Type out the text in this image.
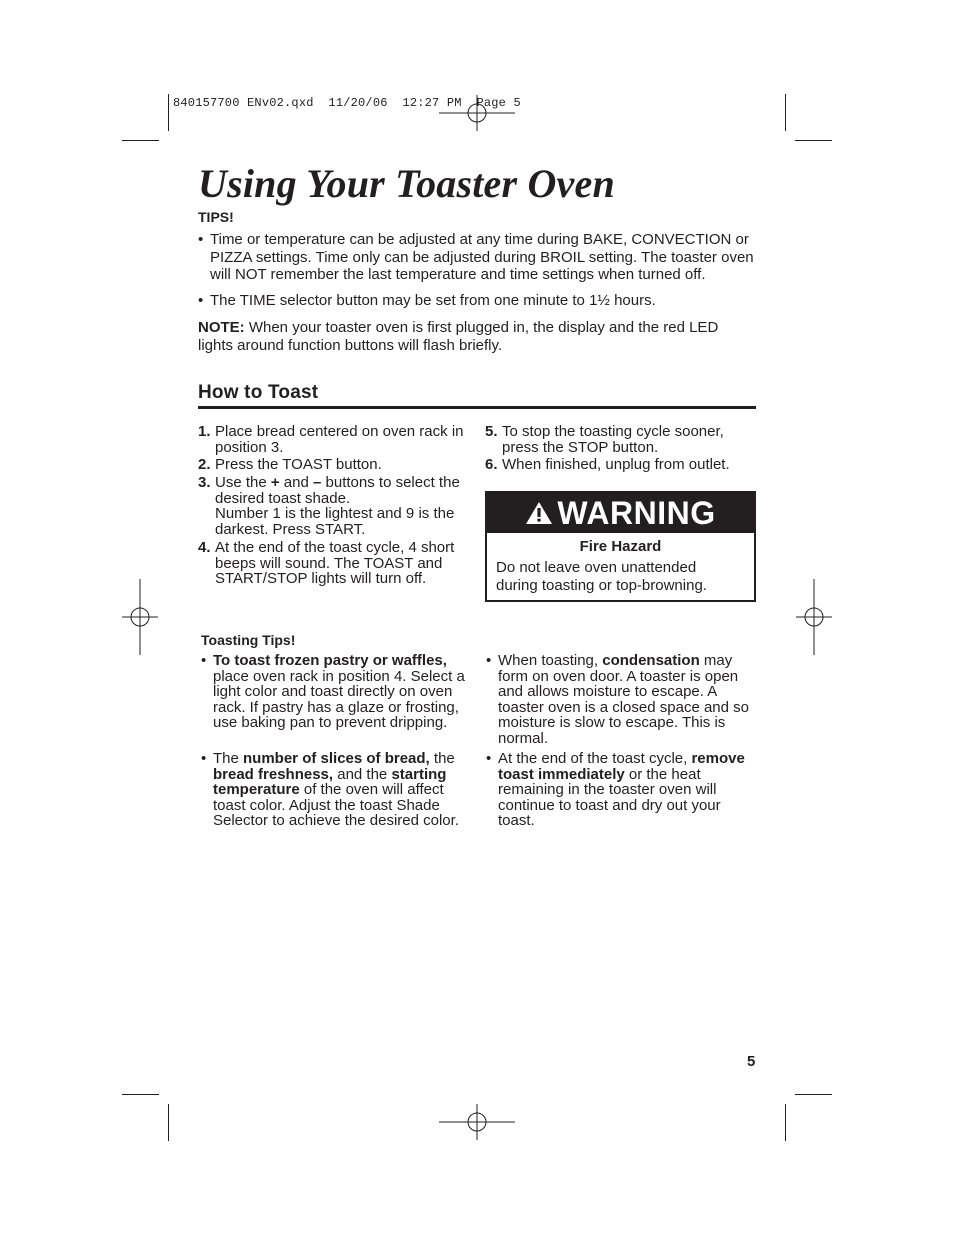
840157700 ENv02.qxd  11/20/06  12:27 PM  Page 5
Using Your Toaster Oven
TIPS!
• Time or temperature can be adjusted at any time during BAKE, CONVECTION or PIZZA settings. Time only can be adjusted during BROIL setting. The toaster oven will NOT remember the last temperature and time settings when turned off.
• The TIME selector button may be set from one minute to 1½ hours.
NOTE: When your toaster oven is first plugged in, the display and the red LED lights around function buttons will flash briefly.
How to Toast
1. Place bread centered on oven rack in position 3.
2. Press the TOAST button.
3. Use the + and – buttons to select the desired toast shade.
Number 1 is the lightest and 9 is the darkest. Press START.
4. At the end of the toast cycle, 4 short beeps will sound. The TOAST and START/STOP lights will turn off.
5. To stop the toasting cycle sooner, press the STOP button.
6. When finished, unplug from outlet.
WARNING
Fire Hazard
Do not leave oven unattended during toasting or top-browning.
Toasting Tips!
• To toast frozen pastry or waffles, place oven rack in position 4. Select a light color and toast directly on oven rack. If pastry has a glaze or frosting, use baking pan to prevent dripping.
• The number of slices of bread, the bread freshness, and the starting temperature of the oven will affect toast color. Adjust the toast Shade Selector to achieve the desired color.
• When toasting, condensation may form on oven door. A toaster is open and allows moisture to escape. A toaster oven is a closed space and so moisture is slow to escape. This is normal.
• At the end of the toast cycle, remove toast immediately or the heat remaining in the toaster oven will continue to toast and dry out your toast.
5
